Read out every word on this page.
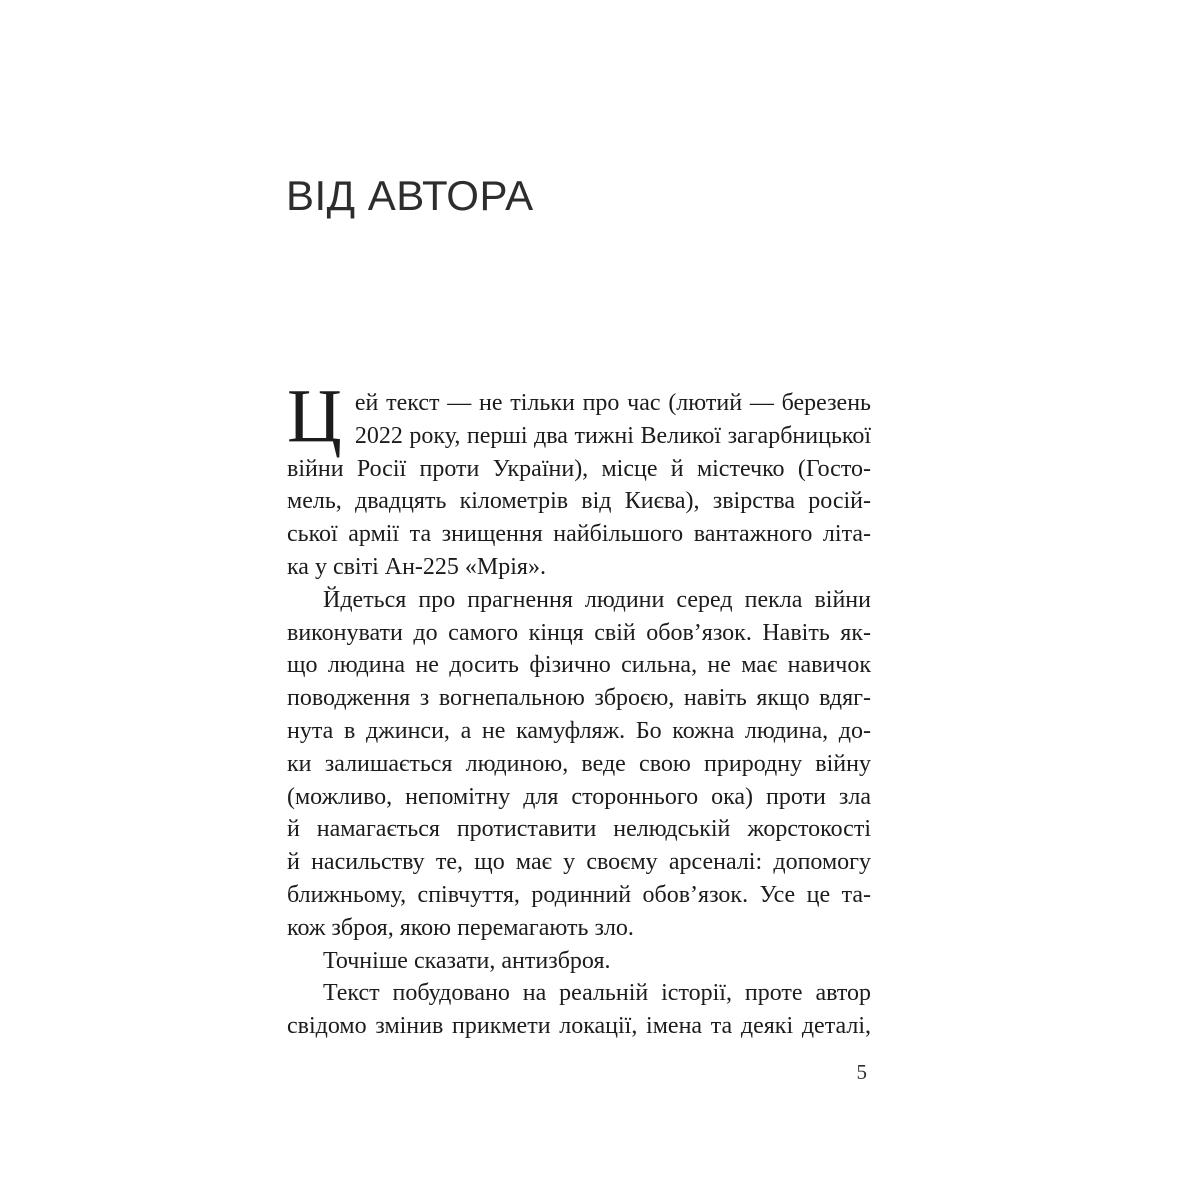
ВІД АВТОРА
Ц ей текст — не тільки про час (лютий — березень
2022 року, перші два тижні Великої загарбницької
війни Росії проти України), місце й містечко (Госто-
мель, двадцять кілометрів від Києва), звірства росій-
ської армії та знищення найбільшого вантажного літа-
ка у світі Ан-225 «Мрія».
Йдеться про прагнення людини серед пекла війни
виконувати до самого кінця свій обов’язок. Навіть як-
що людина не досить фізично сильна, не має навичок
поводження з вогнепальною зброєю, навіть якщо вдяг-
нута в джинси, а не камуфляж. Бо кожна людина, до-
ки залишається людиною, веде свою природну війну
(можливо, непомітну для стороннього ока) проти зла
й намагається протиставити нелюдській жорстокості
й насильству те, що має у своєму арсеналі: допомогу
ближньому, співчуття, родинний обов’язок. Усе це та-
кож зброя, якою перемагають зло.
Точніше сказати, антизброя.
Текст побудовано на реальній історії, проте автор
свідомо змінив прикмети локації, імена та деякі деталі,
5
